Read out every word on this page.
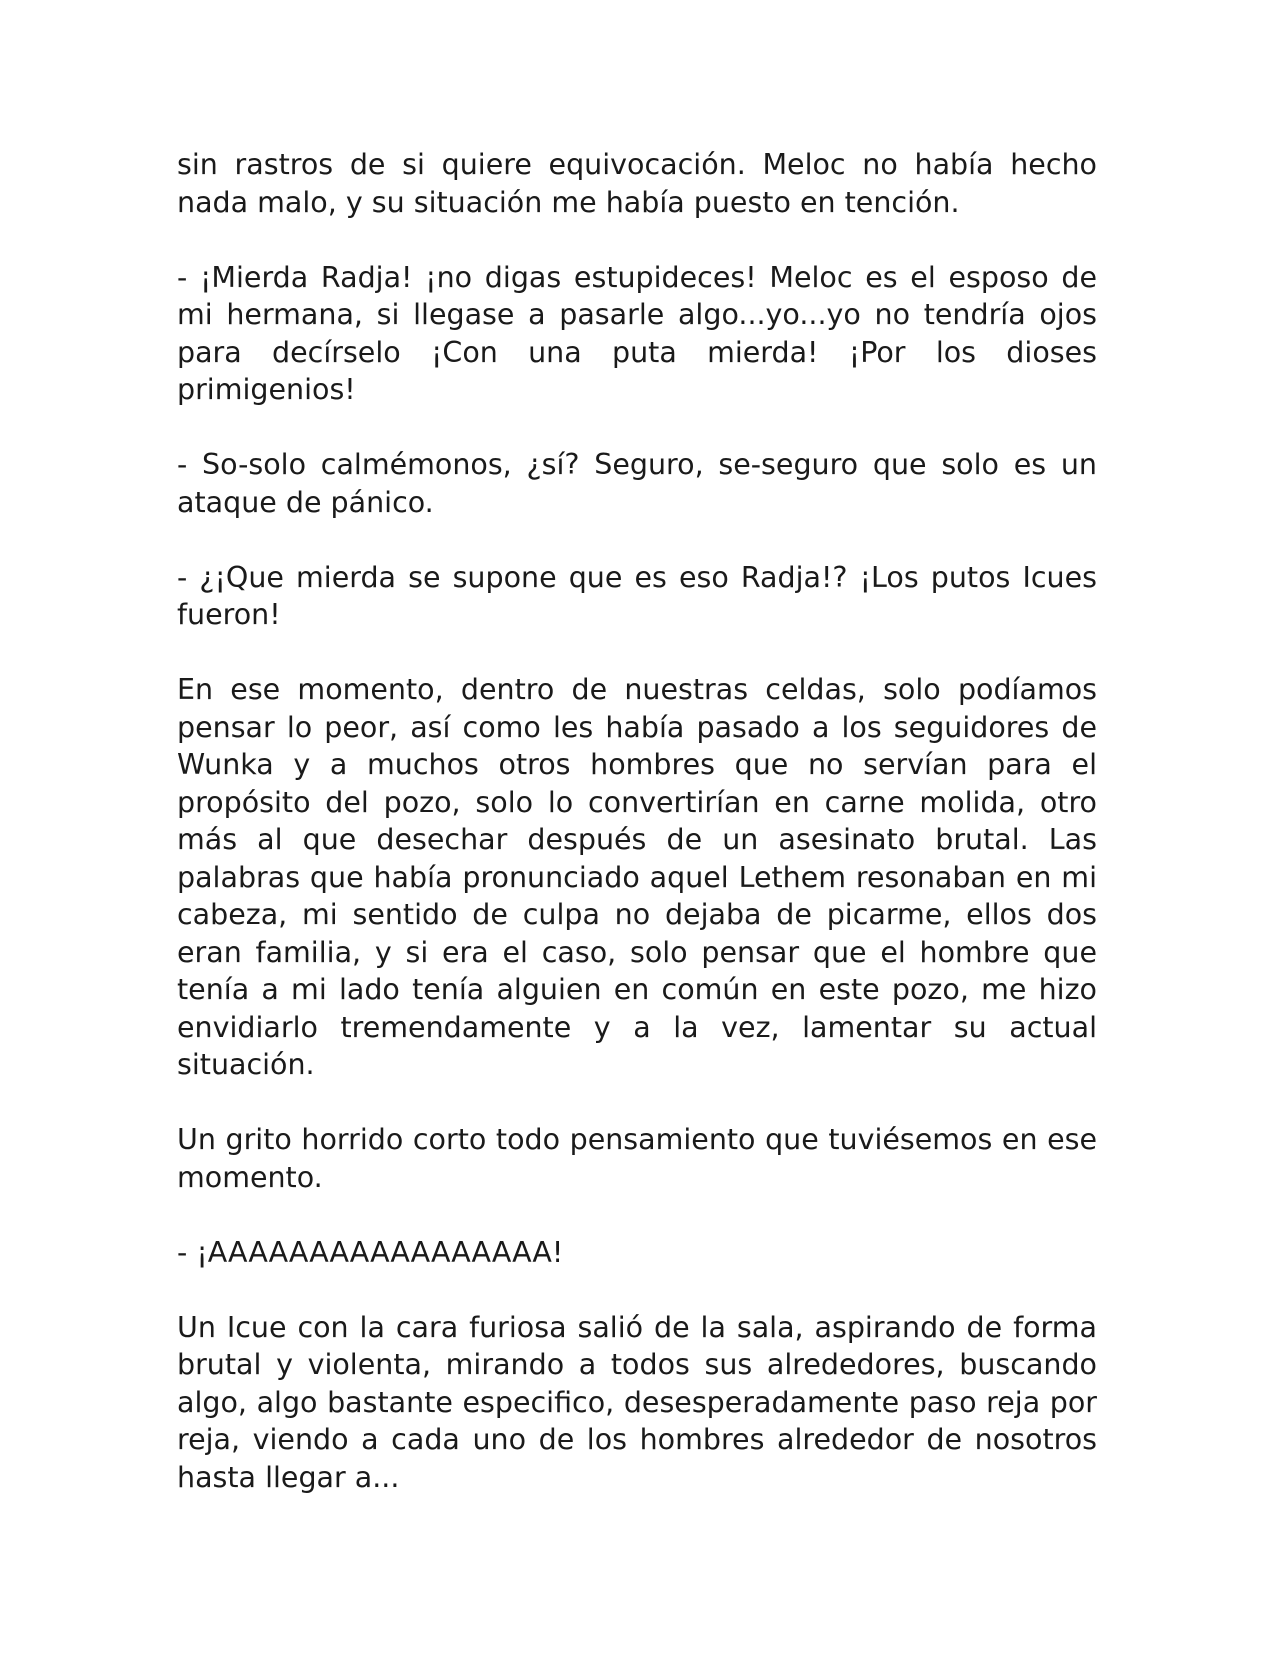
sin rastros de si quiere equivocación. Meloc no había hecho nada malo, y su situación me había puesto en tención.

- ¡Mierda Radja! ¡no digas estupideces! Meloc es el esposo de mi hermana, si llegase a pasarle algo...yo...yo no tendría ojos para decírselo ¡Con una puta mierda! ¡Por los dioses primigenios!

- So-solo calmémonos, ¿sí? Seguro, se-seguro que solo es un ataque de pánico.

- ¿¡Que mierda se supone que es eso Radja!? ¡Los putos Icues fueron!

En ese momento, dentro de nuestras celdas, solo podíamos pensar lo peor, así como les había pasado a los seguidores de Wunka y a muchos otros hombres que no servían para el propósito del pozo, solo lo convertirían en carne molida, otro más al que desechar después de un asesinato brutal. Las palabras que había pronunciado aquel Lethem resonaban en mi cabeza, mi sentido de culpa no dejaba de picarme, ellos dos eran familia, y si era el caso, solo pensar que el hombre que tenía a mi lado tenía alguien en común en este pozo, me hizo envidiarlo tremendamente y a la vez, lamentar su actual situación.

Un grito horrido corto todo pensamiento que tuviésemos en ese momento.

- ¡AAAAAAAAAAAAAAAAA!

Un Icue con la cara furiosa salió de la sala, aspirando de forma brutal y violenta, mirando a todos sus alrededores, buscando algo, algo bastante especifico, desesperadamente paso reja por reja, viendo a cada uno de los hombres alrededor de nosotros hasta llegar a...
